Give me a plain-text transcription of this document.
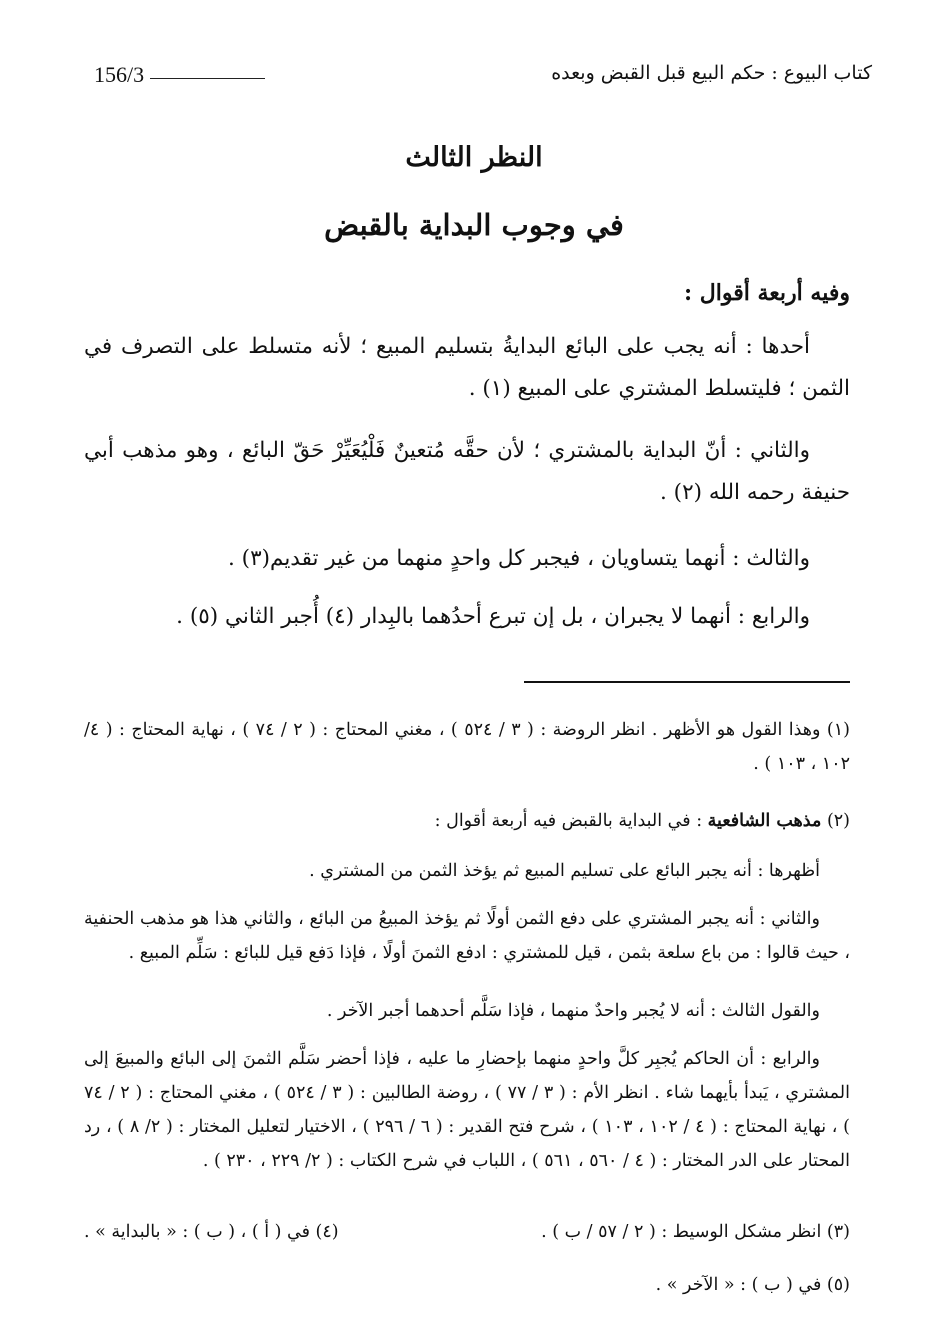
156/3	كتاب البيوع : حكم البيع قبل القبض وبعده
النظر الثالث
في وجوب البداية بالقبض
وفيه أربعة أقوال :
أحدها : أنه يجب على البائع البدايةُ بتسليم المبيع ؛ لأنه متسلط على التصرف في الثمن ؛ فليتسلط المشتري على المبيع (١) .
والثاني : أنّ البداية بالمشتري ؛ لأن حقَّه مُتعينٌ فَلْيُعَيِّرْ حَقّ البائع ، وهو مذهب أبي حنيفة رحمه الله (٢) .
والثالث : أنهما يتساويان ، فيجبر كل واحدٍ منهما من غير تقديم(٣) .
والرابع : أنهما لا يجبران ، بل إن تبرع أحدُهما بالبِدار (٤) أُجبر الثاني (٥) .
(١) وهذا القول هو الأظهر . انظر الروضة : ( ٣ / ٥٢٤ ) ، مغني المحتاج : ( ٢ / ٧٤ ) ، نهاية المحتاج : ( ٤/ ١٠٢ ، ١٠٣ ) .
(٢) مذهب الشافعية : في البداية بالقبض فيه أربعة أقوال :
أظهرها : أنه يجبر البائع على تسليم المبيع ثم يؤخذ الثمن من المشتري .
والثاني : أنه يجبر المشتري على دفع الثمن أولًا ثم يؤخذ المبيعُ من البائع ، والثاني هذا هو مذهب الحنفية ، حيث قالوا : من باع سلعة بثمن ، قيل للمشتري : ادفع الثمنَ أولًا ، فإذا دَفع قيل للبائع : سَلِّم المبيع .
والقول الثالث : أنه لا يُجبر واحدٌ منهما ، فإذا سَلَّم أحدهما أجبر الآخر .
والرابع : أن الحاكم يُجبِر كلَّ واحدٍ منهما بإحضارِ ما عليه ، فإذا أحضر سَلَّم الثمنَ إلى البائع والمبيعَ إلى المشتري ، يَبدأ بأيهما شاء . انظر الأم : ( ٣ / ٧٧ ) ، روضة الطالبين : ( ٣ / ٥٢٤ ) ، مغني المحتاج : ( ٢ / ٧٤ ) ، نهاية المحتاج : ( ٤ / ١٠٢ ، ١٠٣ ) ، شرح فتح القدير : ( ٦ / ٢٩٦ ) ، الاختيار لتعليل المختار : ( ٢/ ٨ ) ، رد المحتار على الدر المختار : ( ٤ / ٥٦٠ ، ٥٦١ ) ، اللباب في شرح الكتاب : ( ٢/ ٢٢٩ ، ٢٣٠ ) .
(٣) انظر مشكل الوسيط : ( ٢ / ٥٧ / ب ) .
(٤) في ( أ ) ، ( ب ) : « بالبداية » .
(٥) في ( ب ) : « الآخر » .
